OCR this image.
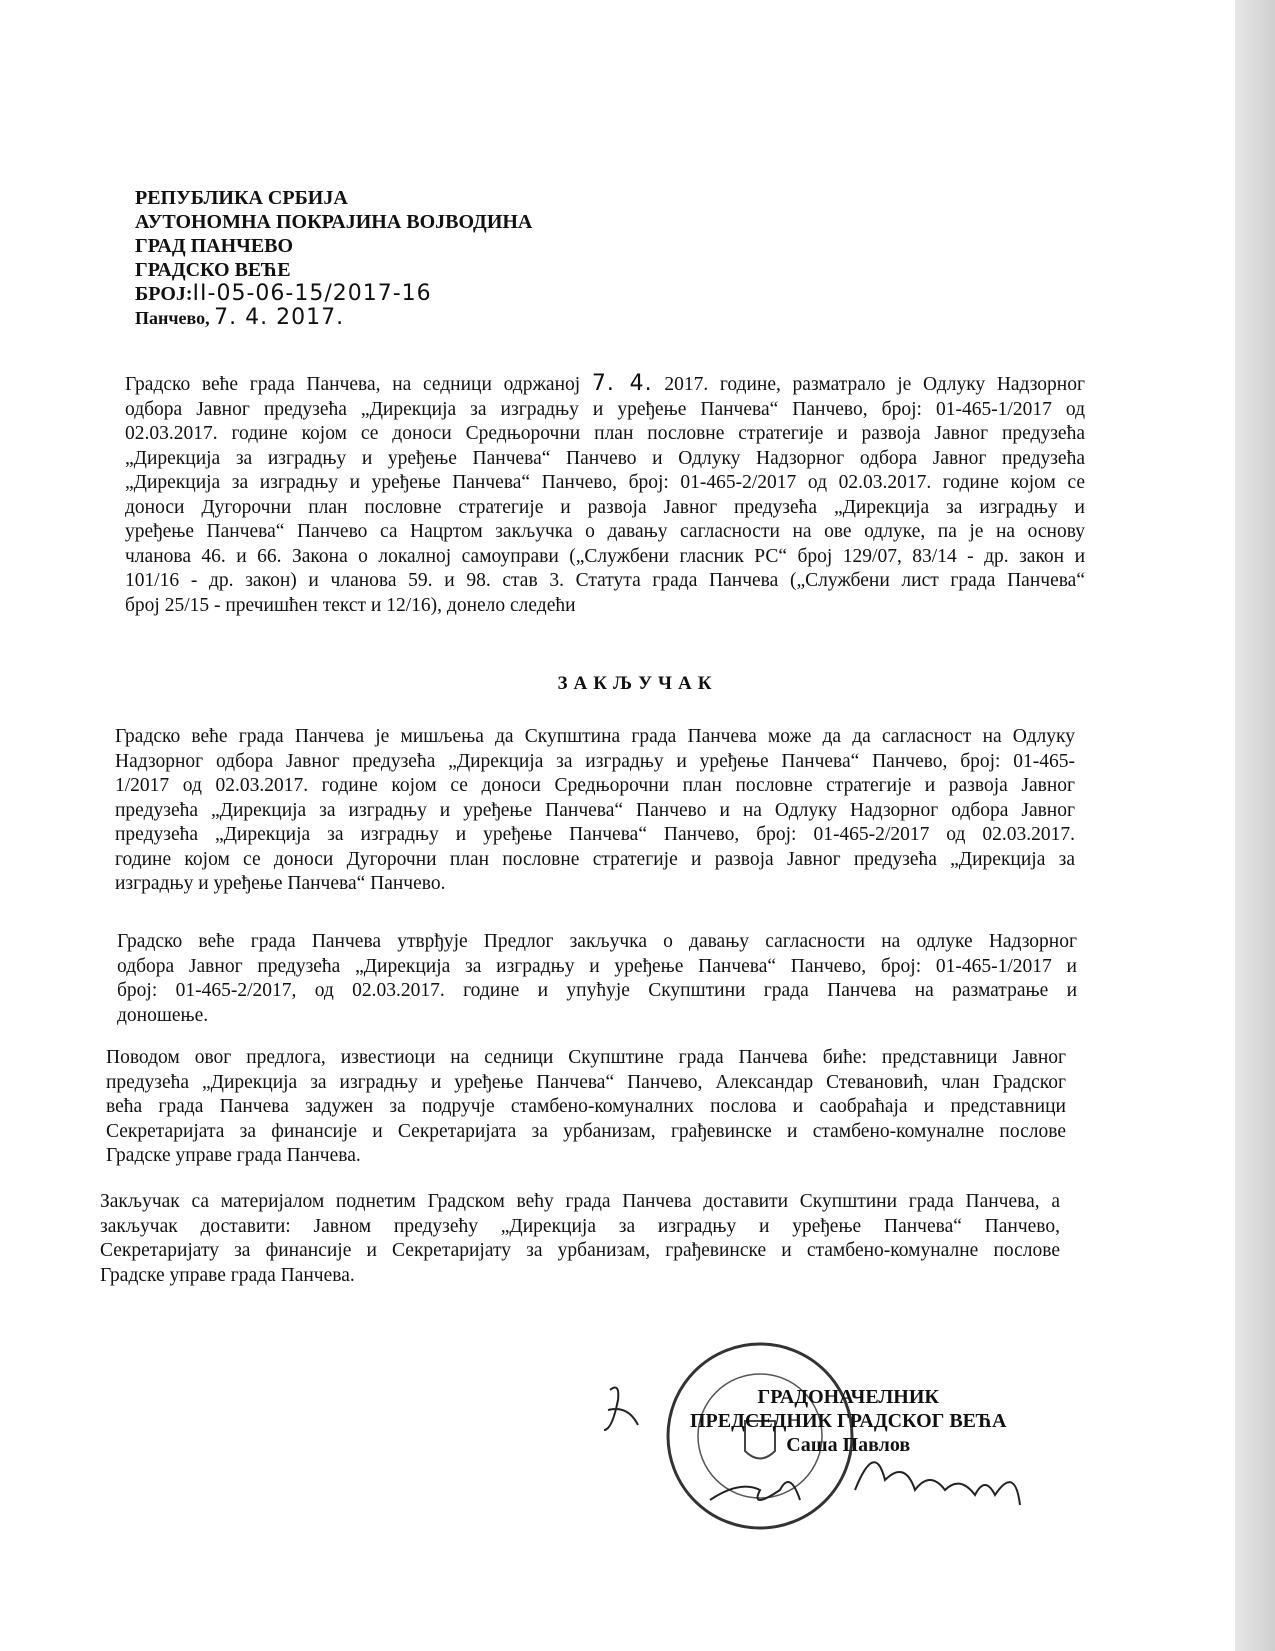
РЕПУБЛИКА СРБИЈА
АУТОНОМНА ПОКРАЈИНА ВОЈВОДИНА
ГРАД ПАНЧЕВО
ГРАДСКО ВЕЋЕ
БРОЈ:II-05-06-15/2017-16
Панчево, 7. 4. 2017.
Градско веће града Панчева, на седници одржаној 7. 4. 2017. године, разматрало је Одлуку Надзорног
одбора Јавног предузећа „Дирекција за изградњу и уређење Панчева“ Панчево, број: 01-465-1/2017 од
02.03.2017. године којом се доноси Средњорочни план пословне стратегије и развоја Јавног предузећа
„Дирекција за изградњу и уређење Панчева“ Панчево и Одлуку Надзорног одбора Јавног предузећа
„Дирекција за изградњу и уређење Панчева“ Панчево, број: 01-465-2/2017 од 02.03.2017. године којом се
доноси Дугорочни план пословне стратегије и развоја Јавног предузећа „Дирекција за изградњу и
уређење Панчева“ Панчево са Нацртом закључка о давању сагласности на ове одлуке, па је на основу
чланова 46. и 66. Закона о локалној самоуправи („Службени гласник РС“ број 129/07, 83/14 - др. закон и
101/16 - др. закон) и чланова 59. и 98. став 3. Статута града Панчева („Службени лист града Панчева“
број 25/15 - пречишћен текст и 12/16), донело следећи
ЗАКЉУЧАК
Градско веће града Панчева је мишљења да Скупштина града Панчева може да да сагласност на Одлуку
Надзорног одбора Јавног предузећа „Дирекција за изградњу и уређење Панчева“ Панчево, број: 01-465-
1/2017 од 02.03.2017. године којом се доноси Средњорочни план пословне стратегије и развоја Јавног
предузећа „Дирекција за изградњу и уређење Панчева“ Панчево и на Одлуку Надзорног одбора Јавног
предузећа „Дирекција за изградњу и уређење Панчева“ Панчево, број: 01-465-2/2017 од 02.03.2017.
године којом се доноси Дугорочни план пословне стратегије и развоја Јавног предузећа „Дирекција за
изградњу и уређење Панчева“ Панчево.
Градско веће града Панчева утврђује Предлог закључка о давању сагласности на одлуке Надзорног
одбора Јавног предузећа „Дирекција за изградњу и уређење Панчева“ Панчево, број: 01-465-1/2017 и
број: 01-465-2/2017, од 02.03.2017. године и упућује Скупштини града Панчева на разматрање и
доношење.
Поводом овог предлога, известиоци на седници Скупштине града Панчева биће: представници Јавног
предузећа „Дирекција за изградњу и уређење Панчева“ Панчево, Александар Стевановић, члан Градског
већа града Панчева задужен за подручје стамбено-комуналних послова и саобраћаја и представници
Секретаријата за финансије и Секретаријата за урбанизам, грађевинске и стамбено-комуналне послове
Градске управе града Панчева.
Закључак са материјалом поднетим Градском већу града Панчева доставити Скупштини града Панчева, а
закључак доставити: Јавном предузећу „Дирекција за изградњу и уређење Панчева“ Панчево,
Секретаријату за финансије и Секретаријату за урбанизам, грађевинске и стамбено-комуналне послове
Градске управе града Панчева.
ГРАДОНАЧЕЛНИК
ПРЕДСЕДНИК ГРАДСКОГ ВЕЋА
Саша Павлов
